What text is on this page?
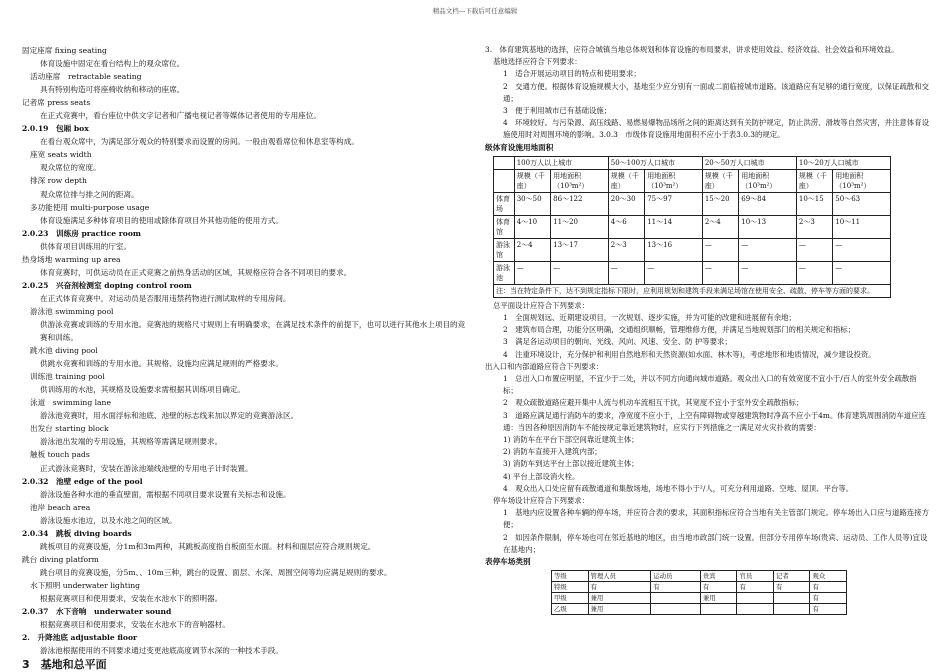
精品文档---下载后可任意编辑
固定座席 fixing seating
体育设施中固定在看台结构上的观众席位。
活动座席　retractable seating
具有特别构造可将座椅收纳和移动的座席。
记者席 press seats
在正式竞赛中，看台座位中供文字记者和广播电视记者等媒体记者使用的专用座位。
2.0.19　包厢 box
在看台观众席中，为满足部分观众的特别要求而设置的房间。一般由观看席位和休息室等构成。
座宽 seats width
观众席位的宽度。
排深 row depth
观众席位排与排之间的距离。
多功能使用 multi-purpose usage
体育设施满足多种体育项目的使用或除体育项目外其他功能的使用方式。
2.0.23　训练房 practice room
供体育项目训练用的厅室。
热身场地 warming up area
体育竞赛时，可供运动员在正式竞赛之前热身活动的区域，其规格应符合各不同项目的要求。
2.0.25　兴奋剂检测室 doping control room
在正式体育竞赛中，对运动员是否服用违禁药物进行测试取样的专用房间。
游泳池 swimming pool
供游泳竞赛或训练的专用水池。竞赛池的规格尺寸规则上有明确要求，在满足技术条件的前提下，也可以进行其他水上项目的竞赛和训练。
跳水池 diving pool
供跳水竞赛和训练的专用水池。其规格、设施均应满足规则的严格要求。
训练池 training pool
供训练用的水池，其规格及设施要求需根据其训练项目确定。
泳道　swimming lane
游泳池竞赛时，用水面浮标和池底、池壁的标志线来加以界定的竞赛游泳区。
出发台 starting block
游泳池出发端的专用设施，其规格等需满足规则要求。
触板 touch pads
正式游泳竞赛时，安装在游泳池端线池壁的专用电子计时装置。
2.0.32　池壁 edge of the pool
游泳设施各种水池的垂直壁面，需根据不同项目要求设置有关标志和设施。
池岸 beach area
游泳设施水池边，以及水池之间的区域。
2.0.34　跳板 diving boards
跳板项目的竞赛设施，分1m和3m两种，其跳板高度指自板面至水面。材料和面层应符合规则规定。
跳台 diving platform
跳台项目的竞赛设施，分5m、、10m三种，跳台的设置、面层、水深、周围空间等均应满足规则的要求。
水下照明 underwater lighting
根据竞赛项目和使用要求，安装在水池水下的照明器。
2.0.37　水下音响　underwater sound
根据竞赛项目和使用要求，安装在水池水下的音响器材。
2.　升降池底 adjustable floor
游泳池根据使用的不同要求通过变更池底高度调节水深的一种技术手段。
3　基地和总平面
3.　体育建筑基地的选择，应符合城镇当地总体规划和体育设施的布局要求，讲求使用效益、经济效益、社会效益和环境效益。
基地选择应符合下列要求：
1　适合开展运动项目的特点和使用要求；
2　交通方便。根据体育设施规模大小，基地至少应分别有一面或二面临接城市道路。该道路应有足够的通行宽度，以保证疏散和交通；
3　便于利用城市已有基础设施；
4　环境较好。与污染源、高压线路、易燃易爆物品场所之间的距离达到有关防护规定，防止洪涝、滑坡等自然灾害，并注意体育设施使用时对周围环境的影响。3.0.3　市级体育设施用地面积不应小于表3.0.3的规定。
级体育设施用地面积
	100万人以上城市		50～100万人口城市		20～50万人口城市		10～20万人口城市	
	规模（千座）	用地面积（10³m²）	规模（千座）	用地面积（10³m²）	规模（千座）	用地面积（10³m²）	规模（千座）	用地面积（10³m²）
体育场	30～50	86～122	20～30	75～97	15～20	69～84	10～15	50～63
体育馆	4～10	11～20	4～6	11～14	2～4	10～13	2～3	10～11
游泳馆	2～4	13～17	2～3	13～16	—	—	—	—
游泳池	—	—	—	—	—	—	—	—
注：当在特定条件下，达不到规定指标下限时，应利用规划和建筑手段来满足场馆在使用安全、疏散、停车等方面的要求。								
总平面设计应符合下列要求：
1　全面规划远、近期建设项目，一次规划、逐步实施，并为可能的改建和进展留有余地；
2　建筑布局合理，功能分区明确，交通组织顺畅，管理维修方便，并满足当地规划部门的相关规定和指标；
3　满足各运动项目的朝向、光线、风向、风速、安全、防 护等要求；
4　注重环境设计，充分保护和利用自然地形和天然资源(如水面、林木等)，考虑地形和地质情况，减少建设投资。
出入口和内部道路应符合下列要求：
1　总出入口布置应明显，不宜少于二处，并以不同方向通向城市道路。观众出入口的有效宽度不宜小于/百人的室外安全疏散指标；
2　观众疏散道路应避开集中人流与机动车流相互干扰，其宽度不宜小于室外安全疏散指标；
3　道路应满足通行消防车的要求，净宽度不应小于，上空有障碍物或穿越建筑物时净高不应小于4m。体育建筑周围消防车道应连通：当因各种原因消防车不能按规定靠近建筑物时，应实行下列措施之一满足对火灾扑救的需要：
1) 消防车在平台下部空间靠近建筑主体；
2) 消防车直接开入建筑内部；
3) 消防车到达平台上部以接近建筑主体；
4) 平台上部设消火栓。
4　观众出入口处应留有疏散通道和集散场地，场地不得小于²/人，可充分利用道路、空地、屋顶、平台等。
停车场设计应符合下列要求：
1　基地内应设置各种车辆的停车场，并应符合表的要求，其面积指标应符合当地有关主管部门规定。停车场出入口应与道路连接方便；
2　如因条件限制，停车场也可在邻近基地的地区，由当地市政部门统一设置。但部分专用停车场(贵宾、运动员、工作人员等)宜设在基地内；
表停车场类别
等级	管理人员	运动员	贵宾	官员	记者	观众
特级	有	有	有	有	有	有
甲级	兼用		兼用			有
乙级	兼用					有
